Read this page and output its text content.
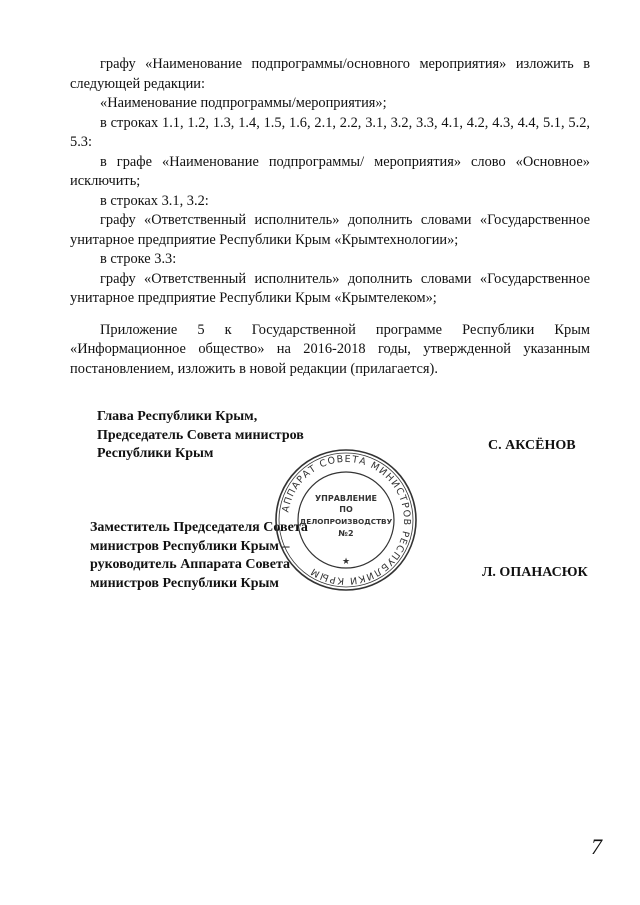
графу «Наименование подпрограммы/основного мероприятия» изложить в следующей редакции:

«Наименование подпрограммы/мероприятия»;

в строках 1.1, 1.2, 1.3, 1.4, 1.5, 1.6, 2.1, 2.2, 3.1, 3.2, 3.3, 4.1, 4.2, 4.3, 4.4, 5.1, 5.2, 5.3:

в графе «Наименование подпрограммы/ мероприятия» слово «Основное» исключить;

в строках 3.1, 3.2:

графу «Ответственный исполнитель» дополнить словами «Государственное унитарное предприятие Республики Крым «Крымтехнологии»;

в строке 3.3:

графу «Ответственный исполнитель» дополнить словами «Государственное унитарное предприятие Республики Крым «Крымтелеком»;

Приложение 5 к Государственной программе Республики Крым «Информационное общество» на 2016-2018 годы, утвержденной указанным постановлением, изложить в новой редакции (прилагается).

Глава Республики Крым,
Председатель Совета министров
Республики Крым
С. АКСЁНОВ
Заместитель Председателя Совета
министров Республики Крым –
руководитель Аппарата Совета
министров Республики Крым
Л. ОПАНАСЮК
АППАРАТ СОВЕТА МИНИСТРОВ РЕСПУБЛИКИ КРЫМ
УПРАВЛЕНИЕ
ПО
ДЕЛОПРОИЗВОДСТВУ
№2
★
7
